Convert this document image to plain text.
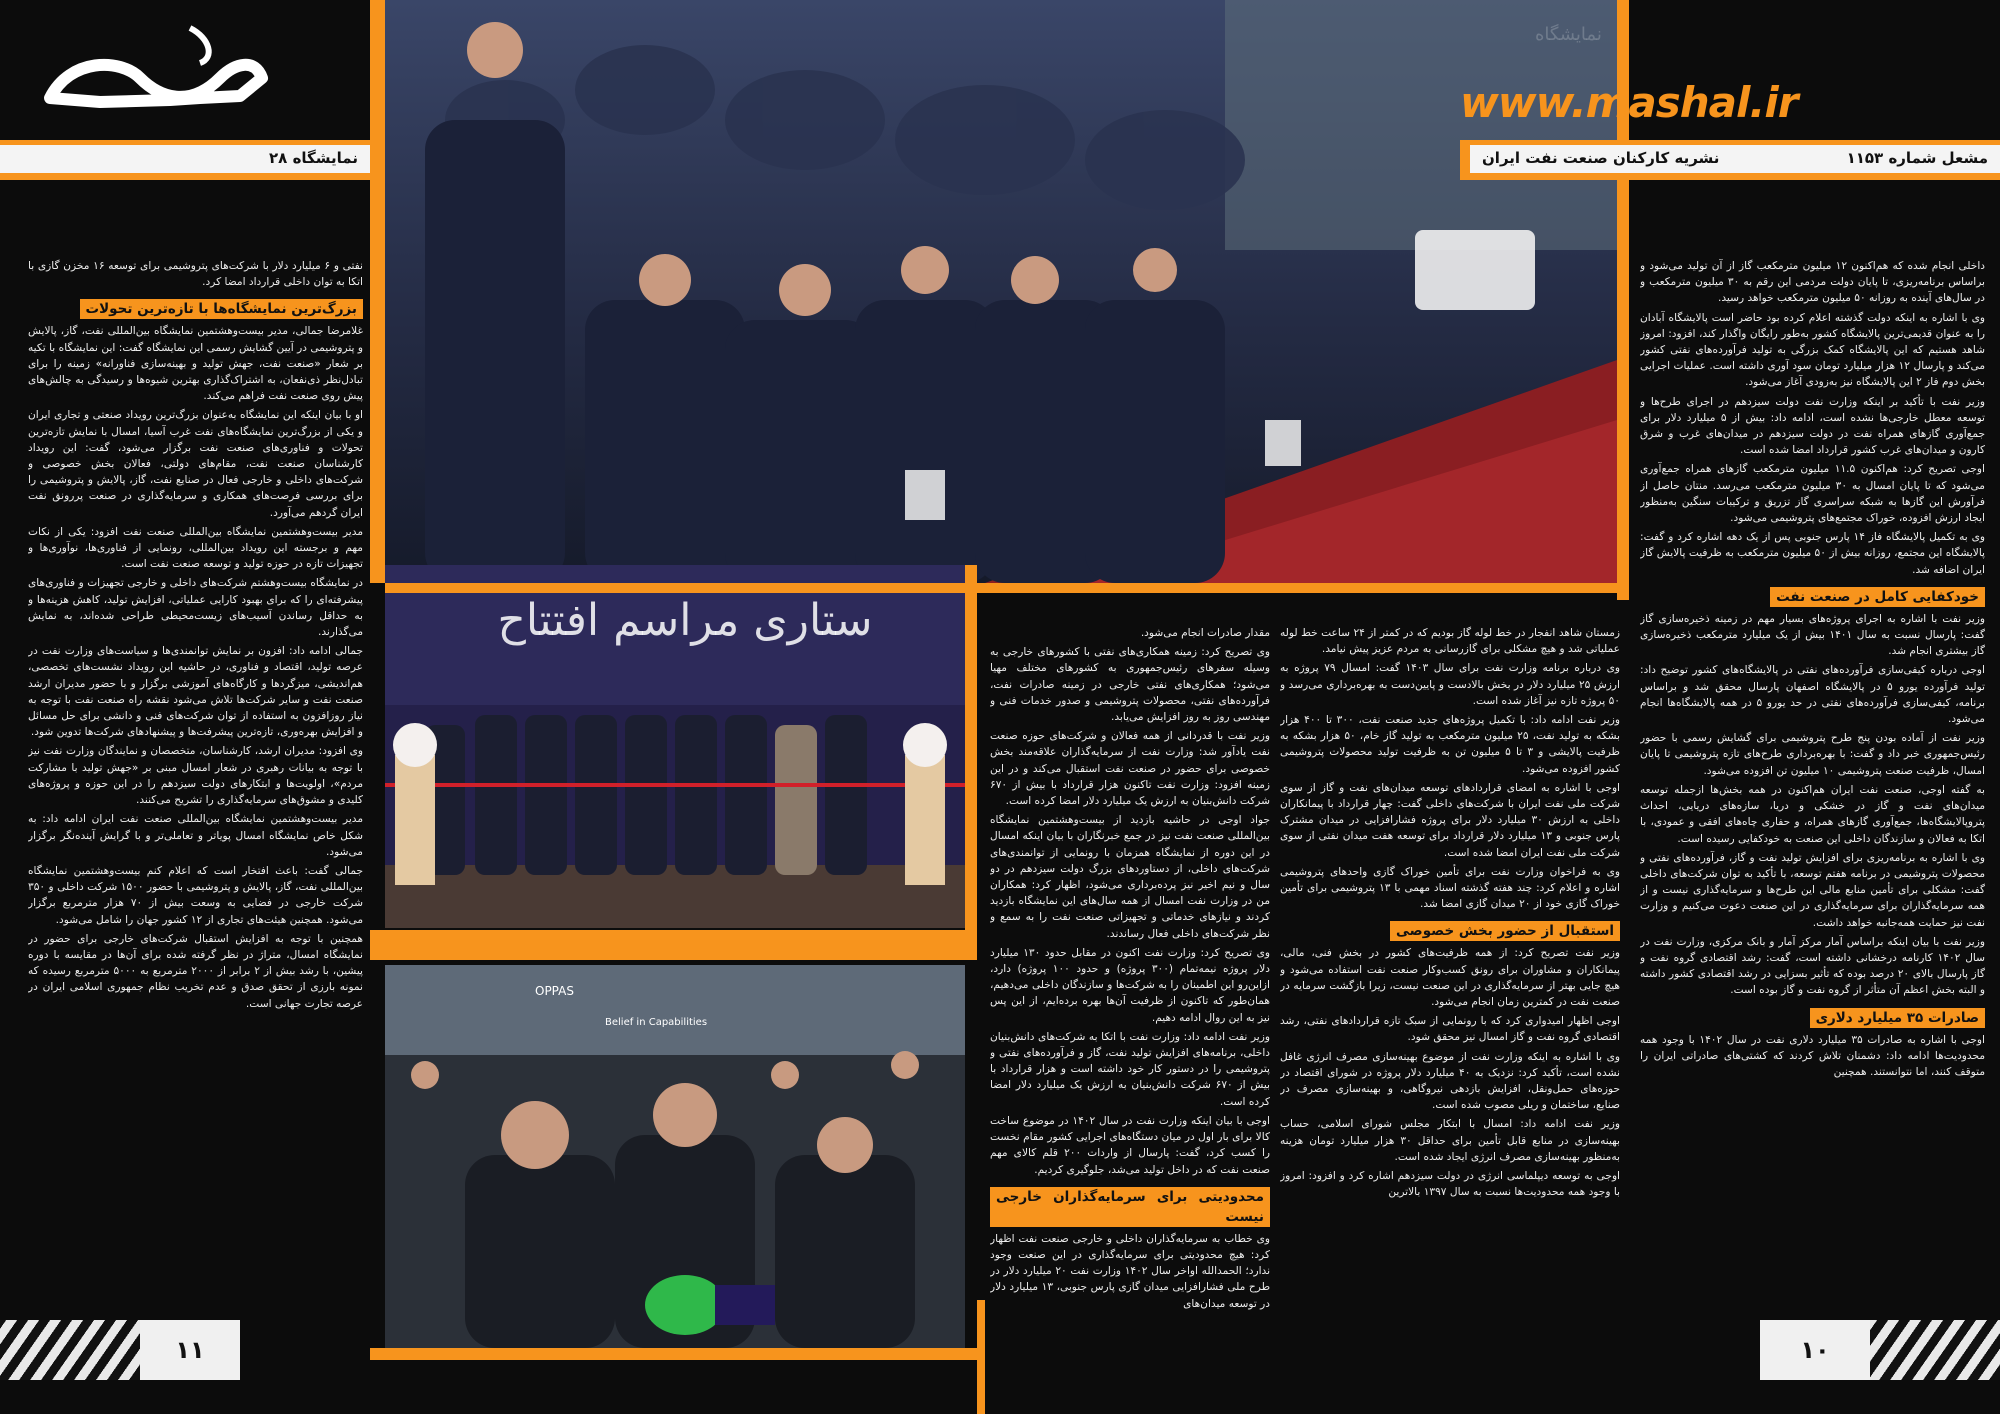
نمایشگاه
ستاری مراسم افتتاح
OPPAS
Belief in Capabilities
مشعل
نمایشگاه ۲۸
www.mashal.ir
مشعل شماره ۱۱۵۳
نشریه کارکنان صنعت نفت ایران

داخلی انجام شده که هم‌اکنون ۱۲ میلیون مترمکعب گاز از آن تولید می‌شود و براساس برنامه‌ریزی، تا پایان دولت مردمی این رقم به ۳۰ میلیون مترمکعب و در سال‌های آینده به روزانه ۵۰ میلیون مترمکعب خواهد رسید.

وی با اشاره به اینکه دولت گذشته اعلام کرده بود حاضر است پالایشگاه آبادان را به عنوان قدیمی‌ترین پالایشگاه کشور به‌طور رایگان واگذار کند، افزود: امروز شاهد هستیم که این پالایشگاه کمک بزرگی به تولید فرآورده‌های نفتی کشور می‌کند و پارسال ۱۲ هزار میلیارد تومان سود آوری داشته است. عملیات اجرایی بخش دوم فاز ۲ این پالایشگاه نیز به‌زودی آغاز می‌شود.

وزیر نفت با تأکید بر اینکه وزارت نفت دولت سیزدهم در اجرای طرح‌ها و توسعه معطل خارجی‌ها نشده است، ادامه داد: بیش از ۵ میلیارد دلار برای جمع‌آوری گازهای همراه نفت در دولت سیزدهم در میدان‌های غرب و شرق کارون و میدان‌های غرب کشور قرارداد امضا شده است.

اوجی تصریح کرد: هم‌اکنون ۱۱.۵ میلیون مترمکعب گازهای همراه جمع‌آوری می‌شود که تا پایان امسال به ۳۰ میلیون مترمکعب می‌رسد. منتان حاصل از فرآورش این گازها به شبکه سراسری گاز تزریق و ترکیبات سنگین به‌منظور ایجاد ارزش افزوده، خوراک مجتمع‌های پتروشیمی می‌شود.

وی به تکمیل پالایشگاه فاز ۱۴ پارس جنوبی پس از یک دهه اشاره کرد و گفت: پالایشگاه این مجتمع، روزانه بیش از ۵۰ میلیون مترمکعب به ظرفیت پالایش گاز ایران اضافه شد.

خودکفایی کامل در صنعت نفت

وزیر نفت با اشاره به اجرای پروژه‌های بسیار مهم در زمینه ذخیره‌سازی گاز گفت: پارسال نسبت به سال ۱۴۰۱ بیش از یک میلیارد مترمکعب ذخیره‌سازی گاز بیشتری انجام شد.

اوجی درباره کیفی‌سازی فرآورده‌های نفتی در پالایشگاه‌های کشور توضیح داد: تولید فرآورده یورو ۵ در پالایشگاه اصفهان پارسال محقق شد و براساس برنامه، کیفی‌سازی فرآورده‌های نفتی در حد یورو ۵ در همه پالایشگاه‌ها انجام می‌شود.

وزیر نفت از آماده بودن پنج طرح پتروشیمی برای گشایش رسمی با حضور رئیس‌جمهوری خبر داد و گفت: با بهره‌برداری طرح‌های تازه پتروشیمی تا پایان امسال، ظرفیت صنعت پتروشیمی ۱۰ میلیون تن افزوده می‌شود.

به گفته اوجی، صنعت نفت ایران هم‌اکنون در همه بخش‌ها ازجمله توسعه میدان‌های نفت و گاز در خشکی و دریا، سازه‌های دریایی، احداث پتروپالایشگاه‌ها، جمع‌آوری گازهای همراه، و حفاری چاه‌های افقی و عمودی، با اتکا به فعالان و سازندگان داخلی این صنعت به خودکفایی رسیده است.

وی با اشاره به برنامه‌ریزی برای افزایش تولید نفت و گاز، فرآورده‌های نفتی و محصولات پتروشیمی در برنامه هفتم توسعه، با تأکید به توان شرکت‌های داخلی گفت: مشکلی برای تأمین منابع مالی این طرح‌ها و سرمایه‌گذاری نیست و از همه سرمایه‌گذاران برای سرمایه‌گذاری در این صنعت دعوت می‌کنیم و وزارت نفت نیز حمایت همه‌جانبه خواهد داشت.

وزیر نفت با بیان اینکه براساس آمار مرکز آمار و بانک مرکزی، وزارت نفت در سال ۱۴۰۲ کارنامه درخشانی داشته است، گفت: رشد اقتصادی گروه نفت و گاز پارسال بالای ۲۰ درصد بوده که تأثیر بسزایی در رشد اقتصادی کشور داشته و البته بخش اعظم آن متأثر از گروه نفت و گاز بوده است.

صادرات ۳۵ میلیارد دلاری

اوجی با اشاره به صادرات ۳۵ میلیارد دلاری نفت در سال ۱۴۰۲ با وجود همه محدودیت‌ها ادامه داد: دشمنان تلاش کردند که کشتی‌های صادراتی ایران را متوقف کنند، اما نتوانستند. همچنین

زمستان شاهد انفجار در خط لوله گاز بودیم که در کمتر از ۲۴ ساعت خط لوله عملیاتی شد و هیچ مشکلی برای گازرسانی به مردم عزیز پیش نیامد.

وی درباره برنامه وزارت نفت برای سال ۱۴۰۳ گفت: امسال ۷۹ پروژه به ارزش ۲۵ میلیارد دلار در بخش بالادست و پایین‌دست به بهره‌برداری می‌رسد و ۵۰ پروژه تازه نیز آغاز شده است.

وزیر نفت ادامه داد: با تکمیل پروژه‌های جدید صنعت نفت، ۳۰۰ تا ۴۰۰ هزار بشکه به تولید نفت، ۲۵ میلیون مترمکعب به تولید گاز خام، ۵۰ هزار بشکه به ظرفیت پالایشی و ۳ تا ۵ میلیون تن به ظرفیت تولید محصولات پتروشیمی کشور افزوده می‌شود.

اوجی با اشاره به امضای قراردادهای توسعه میدان‌های نفت و گاز از سوی شرکت ملی نفت ایران با شرکت‌های داخلی گفت: چهار قرارداد با پیمانکاران داخلی به ارزش ۳۰ میلیارد دلار برای پروژه فشارافزایی در میدان مشترک پارس جنوبی و ۱۳ میلیارد دلار قرارداد برای توسعه هفت میدان نفتی از سوی شرکت ملی نفت ایران امضا شده است.

وی به فراخوان وزارت نفت برای تأمین خوراک گازی واحدهای پتروشیمی اشاره و اعلام کرد: چند هفته گذشته اسناد مهمی با ۱۳ پتروشیمی برای تأمین خوراک گازی خود از ۲۰ میدان گازی امضا شد.

استقبال از حضور بخش خصوصی

وزیر نفت تصریح کرد: از همه ظرفیت‌های کشور در بخش فنی، مالی، پیمانکاران و مشاوران برای رونق کسب‌وکار صنعت نفت استفاده می‌شود و هیچ جایی بهتر از سرمایه‌گذاری در این صنعت نیست، زیرا بازگشت سرمایه در صنعت نفت در کمترین زمان انجام می‌شود.

اوجی اظهار امیدواری کرد که با رونمایی از سبک تازه قراردادهای نفتی، رشد اقتصادی گروه نفت و گاز امسال نیز محقق شود.

وی با اشاره به اینکه وزارت نفت از موضوع بهینه‌سازی مصرف انرژی غافل نشده است، تأکید کرد: نزدیک به ۴۰ میلیارد دلار پروژه در شورای اقتصاد در حوزه‌های حمل‌ونقل، افزایش بازدهی نیروگاهی، و بهینه‌سازی مصرف در صنایع، ساختمان و ریلی مصوب شده است.

وزیر نفت ادامه داد: امسال با ابتکار مجلس شورای اسلامی، حساب بهینه‌سازی در منابع قابل تأمین برای حداقل ۳۰ هزار میلیارد تومان هزینه به‌منظور بهینه‌سازی مصرف انرژی ایجاد شده است.

اوجی به توسعه دیپلماسی انرژی در دولت سیزدهم اشاره کرد و افزود: امروز با وجود همه محدودیت‌ها نسبت به سال ۱۳۹۷ بالاترین

مقدار صادرات انجام می‌شود.

وی تصریح کرد: زمینه همکاری‌های نفتی با کشورهای خارجی به وسیله سفرهای رئیس‌جمهوری به کشورهای مختلف مهیا می‌شود؛ همکاری‌های نفتی خارجی در زمینه صادرات نفت، فرآورده‌های نفتی، محصولات پتروشیمی و صدور خدمات فنی و مهندسی روز به روز افزایش می‌یابد.

وزیر نفت با قدردانی از همه فعالان و شرکت‌های حوزه صنعت نفت یادآور شد: وزارت نفت از سرمایه‌گذاران علاقه‌مند بخش خصوصی برای حضور در صنعت نفت استقبال می‌کند و در این زمینه افزود: وزارت نفت تاکنون هزار قرارداد با بیش از ۶۷۰ شرکت دانش‌بنیان به ارزش یک میلیارد دلار امضا کرده است.

جواد اوجی در حاشیه بازدید از بیست‌وهشتمین نمایشگاه بین‌المللی صنعت نفت نیز در جمع خبرنگاران با بیان اینکه امسال در این دوره از نمایشگاه همزمان با رونمایی از توانمندی‌های شرکت‌های داخلی، از دستاوردهای بزرگ دولت سیزدهم در دو سال و نیم اخیر نیز پرده‌برداری می‌شود، اظهار کرد: همکاران من در وزارت نفت امسال از همه سال‌های این نمایشگاه بازدید کردند و نیازهای خدماتی و تجهیزاتی صنعت نفت را به سمع و نظر شرکت‌های داخلی فعال رساندند.

وی تصریح کرد: وزارت نفت اکنون در مقابل حدود ۱۳۰ میلیارد دلار پروژه نیمه‌تمام (۳۰۰ پروژه) و حدود ۱۰۰ پروژه) دارد، ازاین‌رو این اطمینان را به شرکت‌ها و سازندگان داخلی می‌دهیم، همان‌طور که تاکنون از ظرفیت آن‌ها بهره برده‌ایم، از این پس نیز به این روال ادامه دهیم.

وزیر نفت ادامه داد: وزارت نفت با اتکا به شرکت‌های دانش‌بنیان داخلی، برنامه‌های افزایش تولید نفت، گاز و فرآورده‌های نفتی و پتروشیمی را در دستور کار خود داشته است و هزار قرارداد با بیش از ۶۷۰ شرکت دانش‌بنیان به ارزش یک میلیارد دلار امضا کرده است.

اوجی با بیان اینکه وزارت نفت در سال ۱۴۰۲ در موضوع ساخت کالا برای بار اول در میان دستگاه‌های اجرایی کشور مقام نخست را کسب کرد، گفت: پارسال از واردات ۲۰۰ قلم کالای مهم صنعت نفت که در داخل تولید می‌شد، جلوگیری کردیم.

محدودیتی برای سرمایه‌گذاران خارجی نیست

وی خطاب به سرمایه‌گذاران داخلی و خارجی صنعت نفت اظهار کرد: هیچ محدودیتی برای سرمایه‌گذاری در این صنعت وجود ندارد؛ الحمدالله اواخر سال ۱۴۰۲ وزارت نفت ۲۰ میلیارد دلار در طرح ملی فشارافزایی میدان گازی پارس جنوبی، ۱۳ میلیارد دلار در توسعه میدان‌های

نفتی و ۶ میلیارد دلار با شرکت‌های پتروشیمی برای توسعه ۱۶ مخزن گازی با اتکا به توان داخلی قرارداد امضا کرد.

بزرگ‌ترین نمایشگاه‌ها با تازه‌ترین تحولات

غلامرضا جمالی، مدیر بیست‌وهشتمین نمایشگاه بین‌المللی نفت، گاز، پالایش و پتروشیمی در آیین گشایش رسمی این نمایشگاه گفت: این نمایشگاه با تکیه بر شعار «صنعت نفت، جهش تولید و بهینه‌سازی فناورانه» زمینه را برای تبادل‌نظر ذی‌نفعان، به اشتراک‌گذاری بهترین شیوه‌ها و رسیدگی به چالش‌های پیش روی صنعت نفت فراهم می‌کند.

او با بیان اینکه این نمایشگاه به‌عنوان بزرگ‌ترین رویداد صنعتی و تجاری ایران و یکی از بزرگ‌ترین نمایشگاه‌های نفت غرب آسیا، امسال با نمایش تازه‌ترین تحولات و فناوری‌های صنعت نفت برگزار می‌شود، گفت: این رویداد کارشناسان صنعت نفت، مقام‌های دولتی، فعالان بخش خصوصی و شرکت‌های داخلی و خارجی فعال در صنایع نفت، گاز، پالایش و پتروشیمی را برای بررسی فرصت‌های همکاری و سرمایه‌گذاری در صنعت پررونق نفت ایران گردهم می‌آورد.

مدیر بیست‌وهشتمین نمایشگاه بین‌المللی صنعت نفت افزود: یکی از نکات مهم و برجسته این رویداد بین‌المللی، رونمایی از فناوری‌ها، نوآوری‌ها و تجهیزات تازه در حوزه تولید و توسعه صنعت نفت است.

در نمایشگاه بیست‌وهشتم شرکت‌های داخلی و خارجی تجهیزات و فناوری‌های پیشرفته‌ای را که برای بهبود کارایی عملیاتی، افزایش تولید، کاهش هزینه‌ها و به حداقل رساندن آسیب‌های زیست‌محیطی طراحی شده‌اند، به نمایش می‌گذارند.

جمالی ادامه داد: افزون بر نمایش توانمندی‌ها و سیاست‌های وزارت نفت در عرصه تولید، اقتصاد و فناوری، در حاشیه این رویداد نشست‌های تخصصی، هم‌اندیشی، میزگردها و کارگاه‌های آموزشی برگزار و با حضور مدیران ارشد صنعت نفت و سایر شرکت‌ها تلاش می‌شود نقشه راه صنعت نفت با توجه به نیاز روزافزون به استفاده از توان شرکت‌های فنی و دانشی برای حل مسائل و افزایش بهره‌وری، تازه‌ترین پیشرفت‌ها و پیشنهادهای شرکت‌ها تدوین شود.

وی افزود: مدیران ارشد، کارشناسان، متخصصان و نمایندگان وزارت نفت نیز با توجه به بیانات رهبری در شعار امسال مبنی بر «جهش تولید با مشارکت مردم»، اولویت‌ها و ابتکارهای دولت سیزدهم را در این حوزه و پروژه‌های کلیدی و مشوق‌های سرمایه‌گذاری را تشریح می‌کنند.

مدیر بیست‌وهشتمین نمایشگاه بین‌المللی صنعت نفت ایران ادامه داد: به شکل خاص نمایشگاه امسال پویاتر و تعاملی‌تر و با گرایش آینده‌نگر برگزار می‌شود.

جمالی گفت: باعث افتخار است که اعلام کنم بیست‌وهشتمین نمایشگاه بین‌المللی نفت، گاز، پالایش و پتروشیمی با حضور ۱۵۰۰ شرکت داخلی و ۳۵۰ شرکت خارجی در فضایی به وسعت بیش از ۷۰ هزار مترمربع برگزار می‌شود. همچنین هیئت‌های تجاری از ۱۲ کشور جهان را شامل می‌شود.

همچنین با توجه به افزایش استقبال شرکت‌های خارجی برای حضور در نمایشگاه امسال، متراژ در نظر گرفته شده برای آن‌ها در مقایسه با دوره پیشین، با رشد بیش از ۲ برابر از ۲۰۰۰ مترمربع به ۵۰۰۰ مترمربع رسیده که نمونه بارزی از تحقق صدق و عدم تخریب نظام جمهوری اسلامی ایران در عرصه تجارت جهانی است.

۱۱	۱۰
